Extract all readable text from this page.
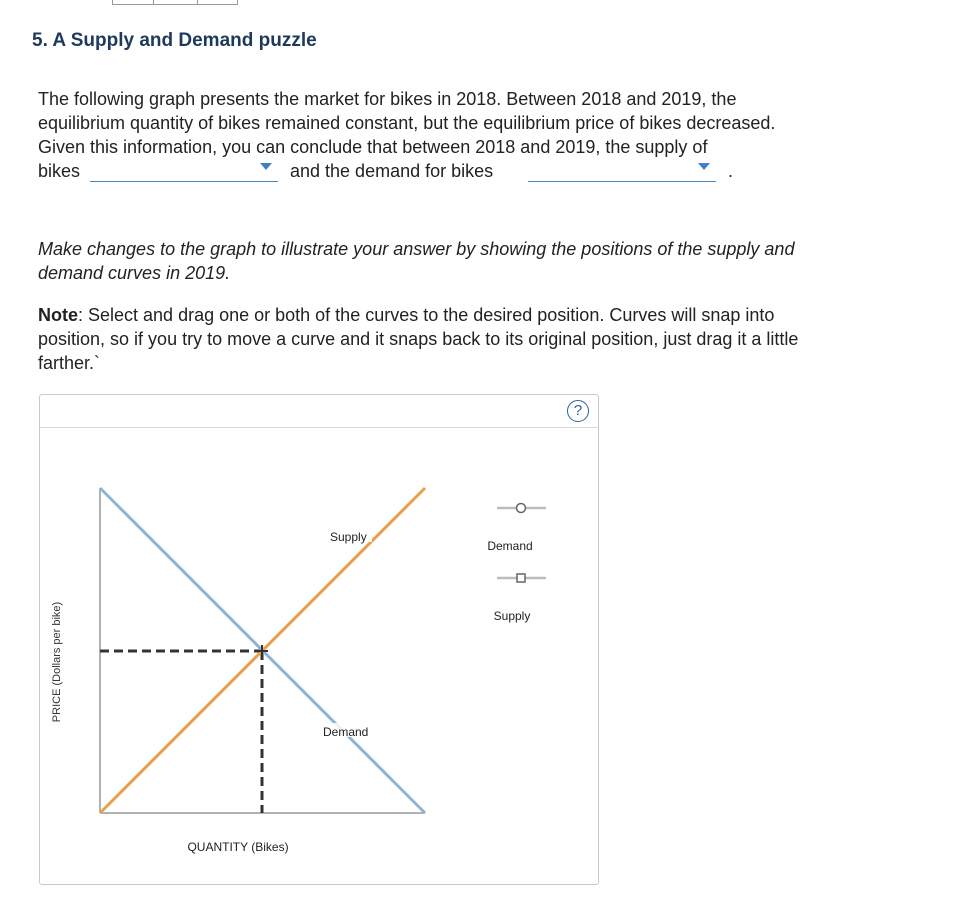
5. A Supply and Demand puzzle
The following graph presents the market for bikes in 2018. Between 2018 and 2019, the
equilibrium quantity of bikes remained constant, but the equilibrium price of bikes decreased.
Given this information, you can conclude that between 2018 and 2019, the supply of
bikes	and the demand for bikes	.
Make changes to the graph to illustrate your answer by showing the positions of the supply and
demand curves in 2019.
Note: Select and drag one or both of the curves to the desired position. Curves will snap into
position, so if you try to move a curve and it snaps back to its original position, just drag it a little
farther.`
?
PRICE (Dollars per bike)
Supply
Demand
QUANTITY (Bikes)
Demand
Supply
